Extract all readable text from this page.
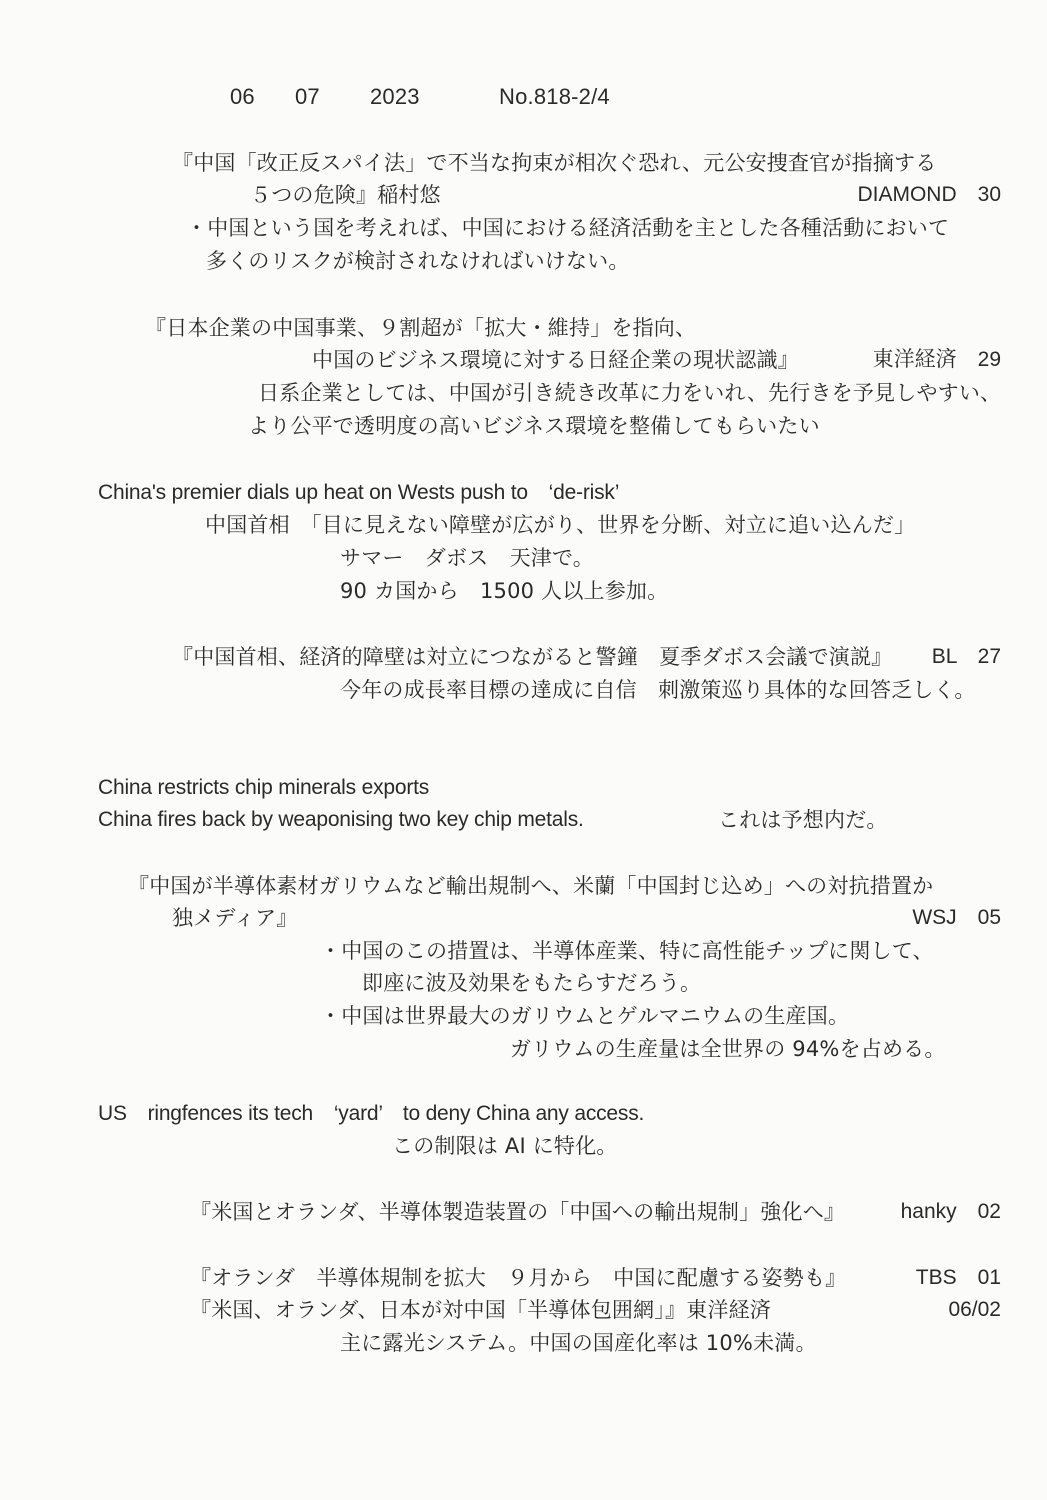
06 07 2023	No.818-2/4
『中国「改正反スパイ法」で不当な拘束が相次ぐ恐れ、元公安捜査官が指摘する
５つの危険』稲村悠	DIAMOND　30
・中国という国を考えれば、中国における経済活動を主とした各種活動において
多くのリスクが検討されなければいけない。
『日本企業の中国事業、９割超が「拡大・維持」を指向、
中国のビジネス環境に対する日経企業の現状認識』	東洋経済　29
日系企業としては、中国が引き続き改革に力をいれ、先行きを予見しやすい、
より公平で透明度の高いビジネス環境を整備してもらいたい
China's premier dials up heat on Wests push to　‘de-risk’
中国首相　「目に見えない障壁が広がり、世界を分断、対立に追い込んだ」
サマー　ダボス　天津で。
90 カ国から　1500 人以上参加。
『中国首相、経済的障壁は対立につながると警鐘　夏季ダボス会議で演説』 BL　27
今年の成長率目標の達成に自信　刺激策巡り具体的な回答乏しく。
China restricts chip minerals exports
China fires back by weaponising two key chip metals.	これは予想内だ。
『中国が半導体素材ガリウムなど輸出規制へ、米蘭「中国封じ込め」への対抗措置か
独メディア』	WSJ　05
・中国のこの措置は、半導体産業、特に高性能チップに関して、
即座に波及効果をもたらすだろう。
・中国は世界最大のガリウムとゲルマニウムの生産国。
ガリウムの生産量は全世界の 94%を占める。
US　ringfences its tech　‘yard’　to deny China any access.
この制限は AI に特化。
『米国とオランダ、半導体製造装置の「中国への輸出規制」強化へ』	hanky　02
『オランダ　半導体規制を拡大　９月から　中国に配慮する姿勢も』	TBS　01
『米国、オランダ、日本が対中国「半導体包囲網」』東洋経済	06/02
主に露光システム。中国の国産化率は 10%未満。
